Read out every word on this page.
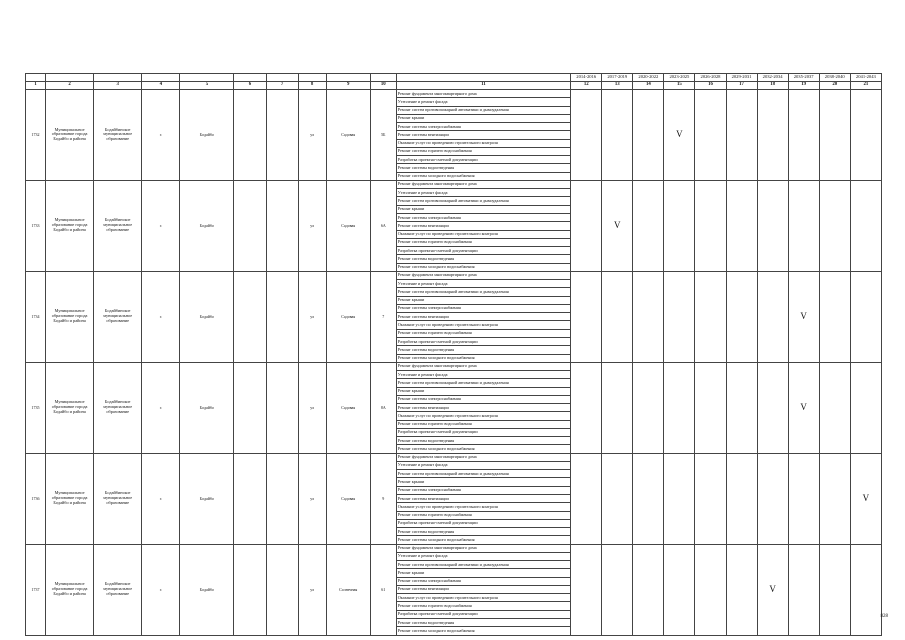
											2014-2016	2017-2019	2020-2022	2023-2025	2026-2028	2029-2031	2032-2034	2035-2037	2038-2040	2041-2043
1	2	3	4	5	6	7	8	9	10	11	12	13	14	15	16	17	18	19	20	21
1732	Муниципальное образование города Бодайбо и района	Бодайбинское муниципальное образование	г.	Бодайбо			ул	Садовая	5Б	Ремонт фундамента многоквартирного дома				V						
										Утепление и ремонт фасада										
										Ремонт систем противопожарной автоматики и дымоудаления										
										Ремонт крыши										
										Ремонт системы электроснабжения										
										Ремонт системы вентиляции										
										Оказание услуг по проведению строительного контроля										
										Ремонт системы горячего водоснабжения										
										Разработка проектно-сметной документации										
										Ремонт системы водоотведения										
										Ремонт системы холодного водоснабжения										
1733	Муниципальное образование города Бодайбо и района	Бодайбинское муниципальное образование	г.	Бодайбо			ул	Садовая	6А	Ремонт фундамента многоквартирного дома		V								
										Утепление и ремонт фасада										
										Ремонт систем противопожарной автоматики и дымоудаления										
										Ремонт крыши										
										Ремонт системы электроснабжения										
										Ремонт системы вентиляции										
										Оказание услуг по проведению строительного контроля										
										Ремонт системы горячего водоснабжения										
										Разработка проектно-сметной документации										
										Ремонт системы водоотведения										
										Ремонт системы холодного водоснабжения										
1734	Муниципальное образование города Бодайбо и района	Бодайбинское муниципальное образование	г.	Бодайбо			ул	Садовая	7	Ремонт фундамента многоквартирного дома								V		
										Утепление и ремонт фасада										
										Ремонт систем противопожарной автоматики и дымоудаления										
										Ремонт крыши										
										Ремонт системы электроснабжения										
										Ремонт системы вентиляции										
										Оказание услуг по проведению строительного контроля										
										Ремонт системы горячего водоснабжения										
										Разработка проектно-сметной документации										
										Ремонт системы водоотведения										
										Ремонт системы холодного водоснабжения										
1735	Муниципальное образование города Бодайбо и района	Бодайбинское муниципальное образование	г.	Бодайбо			ул	Садовая	8А	Ремонт фундамента многоквартирного дома								V		
										Утепление и ремонт фасада										
										Ремонт систем противопожарной автоматики и дымоудаления										
										Ремонт крыши										
										Ремонт системы электроснабжения										
										Ремонт системы вентиляции										
										Оказание услуг по проведению строительного контроля										
										Ремонт системы горячего водоснабжения										
										Разработка проектно-сметной документации										
										Ремонт системы водоотведения										
										Ремонт системы холодного водоснабжения										
1736	Муниципальное образование города Бодайбо и района	Бодайбинское муниципальное образование	г.	Бодайбо			ул	Садовая	9	Ремонт фундамента многоквартирного дома										V
										Утепление и ремонт фасада										
										Ремонт систем противопожарной автоматики и дымоудаления										
										Ремонт крыши										
										Ремонт системы электроснабжения										
										Ремонт системы вентиляции										
										Оказание услуг по проведению строительного контроля										
										Ремонт системы горячего водоснабжения										
										Разработка проектно-сметной документации										
										Ремонт системы водоотведения										
										Ремонт системы холодного водоснабжения										
1737	Муниципальное образование города Бодайбо и района	Бодайбинское муниципальное образование	г.	Бодайбо			ул	Солнечная	61	Ремонт фундамента многоквартирного дома							V			
										Утепление и ремонт фасада										
										Ремонт систем противопожарной автоматики и дымоудаления										
										Ремонт крыши										
										Ремонт системы электроснабжения										
										Ремонт системы вентиляции										
										Оказание услуг по проведению строительного контроля										
										Ремонт системы горячего водоснабжения										
										Разработка проектно-сметной документации										
										Ремонт системы водоотведения										
										Ремонт системы холодного водоснабжения										
828
